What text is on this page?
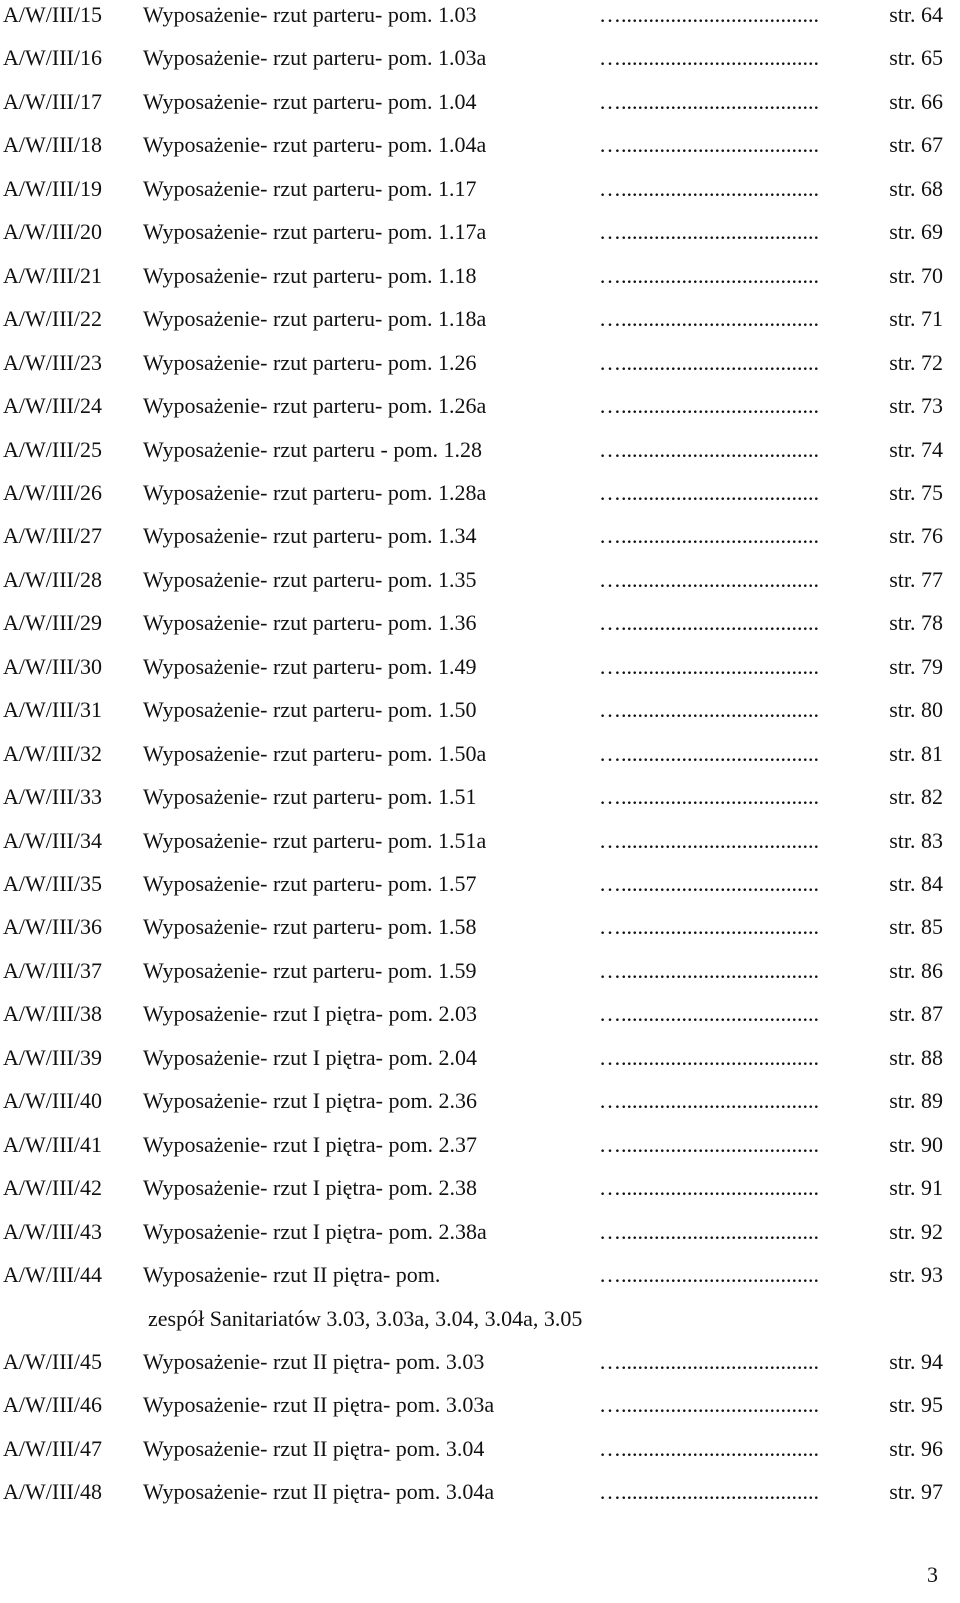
A/W/III/15 Wyposażenie- rzut parteru- pom. 1.03	…....................................	str. 64
A/W/III/16 Wyposażenie- rzut parteru- pom. 1.03a	…....................................	str. 65
A/W/III/17 Wyposażenie- rzut parteru- pom. 1.04	…....................................	str. 66
A/W/III/18 Wyposażenie- rzut parteru- pom. 1.04a	…....................................	str. 67
A/W/III/19 Wyposażenie- rzut parteru- pom. 1.17	…....................................	str. 68
A/W/III/20 Wyposażenie- rzut parteru- pom. 1.17a	…....................................	str. 69
A/W/III/21 Wyposażenie- rzut parteru- pom. 1.18	…....................................	str. 70
A/W/III/22 Wyposażenie- rzut parteru- pom. 1.18a	…....................................	str. 71
A/W/III/23 Wyposażenie- rzut parteru- pom. 1.26	…....................................	str. 72
A/W/III/24 Wyposażenie- rzut parteru- pom. 1.26a	…....................................	str. 73
A/W/III/25 Wyposażenie- rzut parteru - pom. 1.28	…....................................	str. 74
A/W/III/26 Wyposażenie- rzut parteru- pom. 1.28a	…....................................	str. 75
A/W/III/27 Wyposażenie- rzut parteru- pom. 1.34	…....................................	str. 76
A/W/III/28 Wyposażenie- rzut parteru- pom. 1.35	…....................................	str. 77
A/W/III/29 Wyposażenie- rzut parteru- pom. 1.36	…....................................	str. 78
A/W/III/30 Wyposażenie- rzut parteru- pom. 1.49	…....................................	str. 79
A/W/III/31 Wyposażenie- rzut parteru- pom. 1.50	…....................................	str. 80
A/W/III/32 Wyposażenie- rzut parteru- pom. 1.50a	…....................................	str. 81
A/W/III/33 Wyposażenie- rzut parteru- pom. 1.51	…....................................	str. 82
A/W/III/34 Wyposażenie- rzut parteru- pom. 1.51a	…....................................	str. 83
A/W/III/35 Wyposażenie- rzut parteru- pom. 1.57	…....................................	str. 84
A/W/III/36 Wyposażenie- rzut parteru- pom. 1.58	…....................................	str. 85
A/W/III/37 Wyposażenie- rzut parteru- pom. 1.59	…....................................	str. 86
A/W/III/38 Wyposażenie- rzut I piętra- pom. 2.03	…....................................	str. 87
A/W/III/39 Wyposażenie- rzut I piętra- pom. 2.04	…....................................	str. 88
A/W/III/40 Wyposażenie- rzut I piętra- pom. 2.36	…....................................	str. 89
A/W/III/41 Wyposażenie- rzut I piętra- pom. 2.37	…....................................	str. 90
A/W/III/42 Wyposażenie- rzut I piętra- pom. 2.38	…....................................	str. 91
A/W/III/43 Wyposażenie- rzut I piętra- pom. 2.38a	…....................................	str. 92
A/W/III/44 Wyposażenie- rzut II piętra- pom.	…....................................	str. 93
A/W/III/45 Wyposażenie- rzut II piętra- pom. 3.03	…....................................	str. 94
A/W/III/46 Wyposażenie- rzut II piętra- pom. 3.03a	…....................................	str. 95
A/W/III/47 Wyposażenie- rzut II piętra- pom. 3.04	…....................................	str. 96
A/W/III/48 Wyposażenie- rzut II piętra- pom. 3.04a	…....................................	str. 97
zespół Sanitariatów 3.03, 3.03a, 3.04, 3.04a, 3.05
3
